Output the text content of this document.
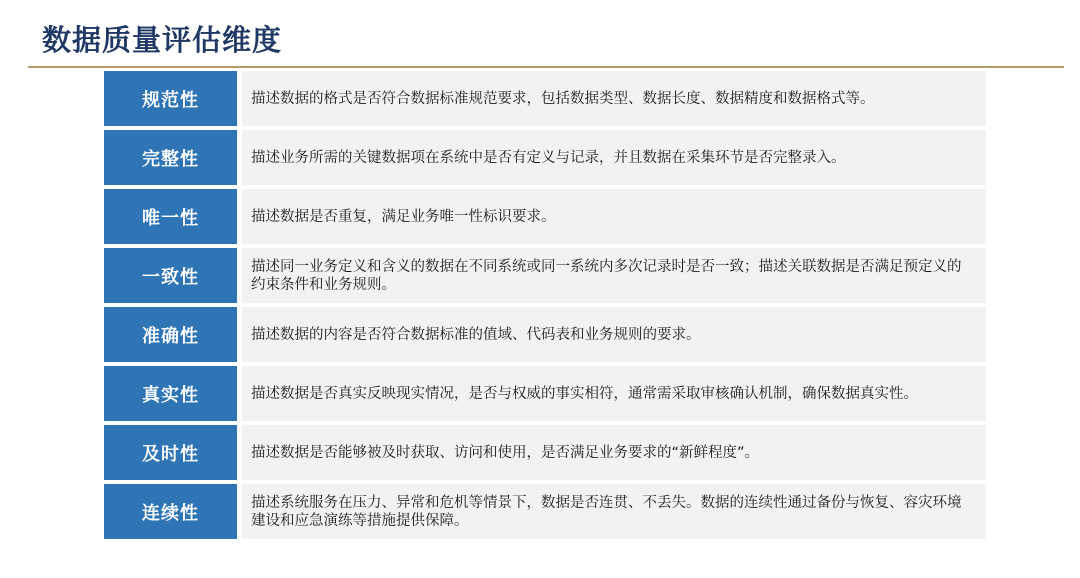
数据质量评估维度
规范性	描述数据的格式是否符合数据标准规范要求，包括数据类型、数据长度、数据精度和数据格式等。
完整性	描述业务所需的关键数据项在系统中是否有定义与记录，并且数据在采集环节是否完整录入。
唯一性	描述数据是否重复，满足业务唯一性标识要求。
一致性	描述同一业务定义和含义的数据在不同系统或同一系统内多次记录时是否一致；描述关联数据是否满足预定义的约束条件和业务规则。
准确性	描述数据的内容是否符合数据标准的值域、代码表和业务规则的要求。
真实性	描述数据是否真实反映现实情况，是否与权威的事实相符，通常需采取审核确认机制，确保数据真实性。
及时性	描述数据是否能够被及时获取、访问和使用，是否满足业务要求的“新鲜程度”。
连续性	描述系统服务在压力、异常和危机等情景下，数据是否连贯、不丢失。数据的连续性通过备份与恢复、容灾环境建设和应急演练等措施提供保障。
